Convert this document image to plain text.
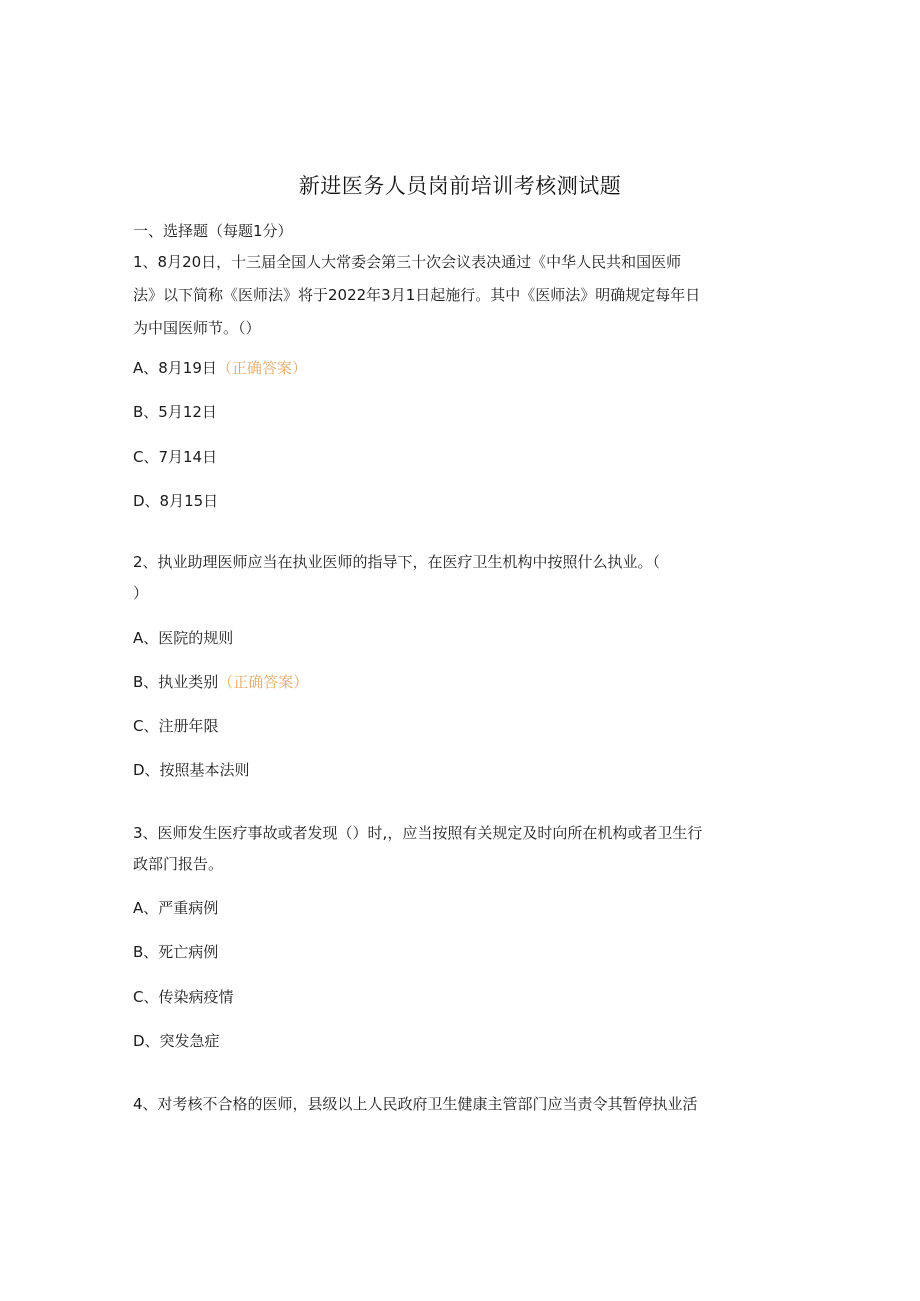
新进医务人员岗前培训考核测试题
一、选择题（每题1分）
1、8月20日，十三届全国人大常委会第三十次会议表决通过《中华人民共和国医师
法》以下简称《医师法》将于2022年3月1日起施行。其中《医师法》明确规定每年日
为中国医师节。（）
A、8月19日（正确答案）
B、5月12日
C、7月14日
D、8月15日
2、执业助理医师应当在执业医师的指导下，在医疗卫生机构中按照什么执业。（
）
A、医院的规则
B、执业类别（正确答案）
C、注册年限
D、按照基本法则
3、医师发生医疗事故或者发现（）时,，应当按照有关规定及时向所在机构或者卫生行
政部门报告。
A、严重病例
B、死亡病例
C、传染病疫情
D、突发急症
4、对考核不合格的医师，县级以上人民政府卫生健康主管部门应当责令其暂停执业活
